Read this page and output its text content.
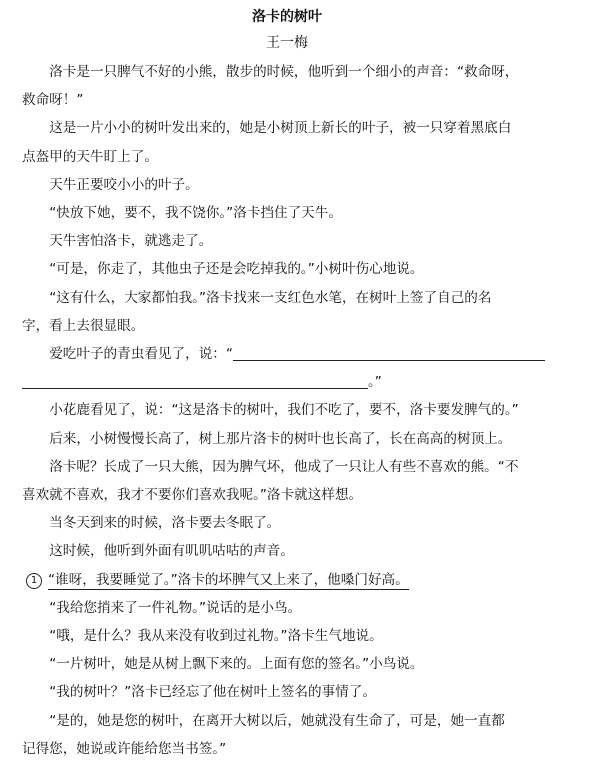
洛卡的树叶
王一梅
洛卡是一只脾气不好的小熊，散步的时候，他听到一个细小的声音：“救命呀，
救命呀！”
这是一片小小的树叶发出来的，她是小树顶上新长的叶子，被一只穿着黑底白
点盔甲的天牛盯上了。
天牛正要咬小小的叶子。
“快放下她，要不，我不饶你。”洛卡挡住了天牛。
天牛害怕洛卡，就逃走了。
“可是，你走了，其他虫子还是会吃掉我的。”小树叶伤心地说。
“这有什么，大家都怕我。”洛卡找来一支红色水笔，在树叶上签了自己的名
字，看上去很显眼。
爱吃叶子的青虫看见了，说：“
。”
小花鹿看见了，说：“这是洛卡的树叶，我们不吃了，要不，洛卡要发脾气的。”
后来，小树慢慢长高了，树上那片洛卡的树叶也长高了，长在高高的树顶上。
洛卡呢？长成了一只大熊，因为脾气坏，他成了一只让人有些不喜欢的熊。“不
喜欢就不喜欢，我才不要你们喜欢我呢。”洛卡就这样想。
当冬天到来的时候，洛卡要去冬眠了。
这时候，他听到外面有叽叽咕咕的声音。
1 “谁呀，我要睡觉了。”洛卡的坏脾气又上来了，他嗓门好高。
“我给您捎来了一件礼物。”说话的是小鸟。
“哦，是什么？我从来没有收到过礼物。”洛卡生气地说。
“一片树叶，她是从树上飘下来的。上面有您的签名。”小鸟说。
“我的树叶？”洛卡已经忘了他在树叶上签名的事情了。
“是的，她是您的树叶，在离开大树以后，她就没有生命了，可是，她一直都
记得您，她说或许能给您当书签。”
